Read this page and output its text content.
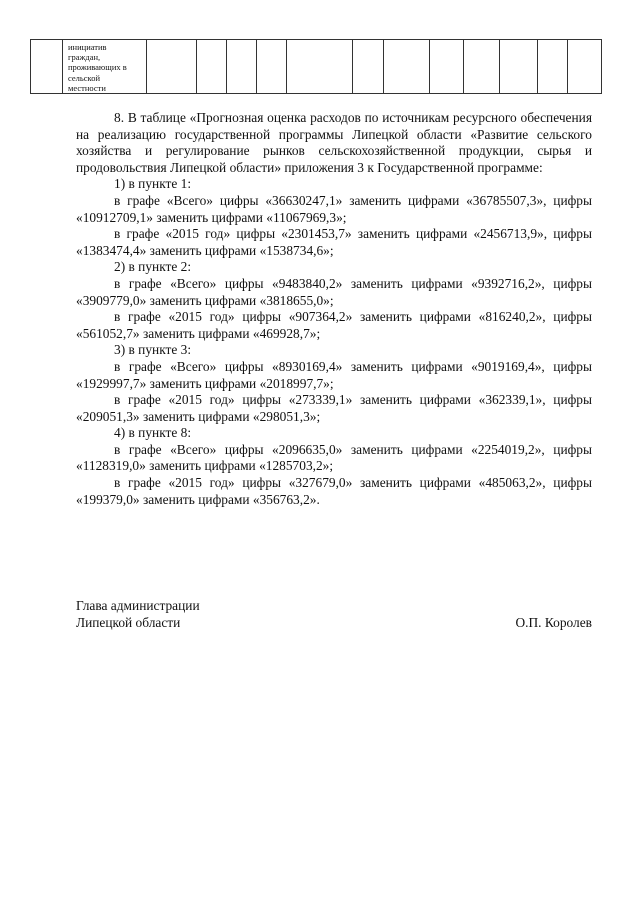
инициатив
граждан,
проживающих в
сельской
местности

8. В таблице «Прогнозная оценка расходов по источникам ресурсного обеспечения на реализацию государственной программы Липецкой области «Развитие сельского хозяйства и регулирование рынков сельскохозяйственной продукции, сырья и продовольствия Липецкой области» приложения 3 к Государственной программе:

1) в пункте 1:

в графе «Всего» цифры «36630247,1» заменить цифрами «36785507,3», цифры «10912709,1» заменить цифрами «11067969,3»;

в графе «2015 год» цифры «2301453,7» заменить цифрами «2456713,9», цифры «1383474,4» заменить цифрами «1538734,6»;

2) в пункте 2:

в графе «Всего» цифры «9483840,2» заменить цифрами «9392716,2», цифры «3909779,0» заменить цифрами «3818655,0»;

в графе «2015 год» цифры «907364,2» заменить цифрами «816240,2», цифры «561052,7» заменить цифрами «469928,7»;

3) в пункте 3:

в графе «Всего» цифры «8930169,4» заменить цифрами «9019169,4», цифры «1929997,7» заменить цифрами «2018997,7»;

в графе «2015 год» цифры «273339,1» заменить цифрами «362339,1», цифры «209051,3» заменить цифрами «298051,3»;

4) в пункте 8:

в графе «Всего» цифры «2096635,0» заменить цифрами «2254019,2», цифры «1128319,0» заменить цифрами «1285703,2»;

в графе «2015 год» цифры «327679,0» заменить цифрами «485063,2», цифры «199379,0» заменить цифрами «356763,2».

Глава администрации
Липецкой области	О.П. Королев
